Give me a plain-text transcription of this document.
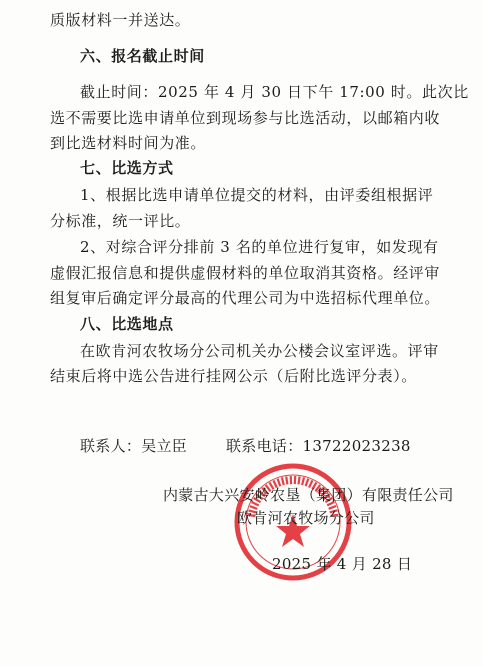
质版材料一并送达。
六、报名截止时间
截止时间：2025 年 4 月 30 日下午 17:00 时。此次比
选不需要比选申请单位到现场参与比选活动，以邮箱内收
到比选材料时间为准。
七、比选方式
1、根据比选申请单位提交的材料，由评委组根据评
分标准，统一评比。
2、对综合评分排前 3 名的单位进行复审，如发现有
虚假汇报信息和提供虚假材料的单位取消其资格。经评审
组复审后确定评分最高的代理公司为中选招标代理单位。
八、比选地点
在欧肯河农牧场分公司机关办公楼会议室评选。评审
结束后将中选公告进行挂网公示（后附比选评分表）。
联系人：吴立臣	联系电话：13722023238
内蒙古大兴安岭农垦（集团）有限责任公司
欧肯河农牧场分公司
2025 年 4 月 28 日
